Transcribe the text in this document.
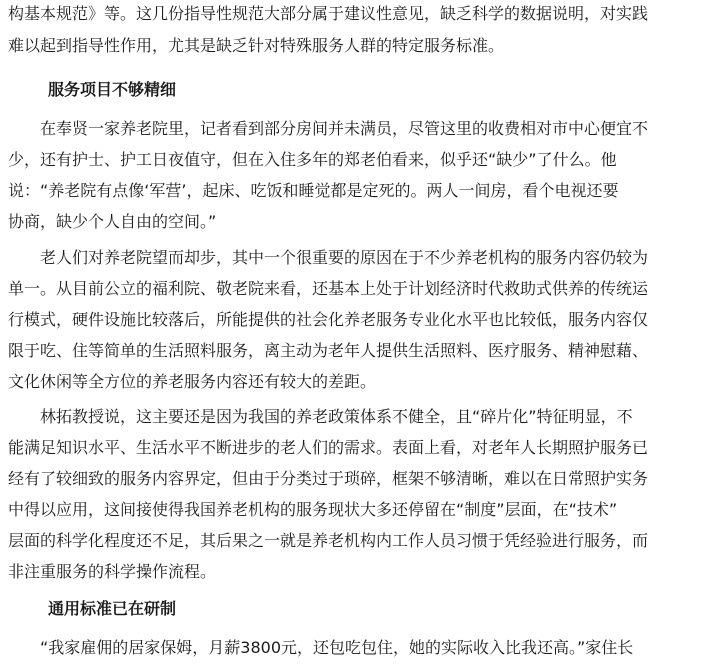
构基本规范》等。这几份指导性规范大部分属于建议性意见，缺乏科学的数据说明，对实践
难以起到指导性作用，尤其是缺乏针对特殊服务人群的特定服务标准。
服务项目不够精细
　　在奉贤一家养老院里，记者看到部分房间并未满员，尽管这里的收费相对市中心便宜不
少，还有护士、护工日夜值守，但在入住多年的郑老伯看来，似乎还“缺少”了什么。他
说：“养老院有点像‘军营’，起床、吃饭和睡觉都是定死的。两人一间房，看个电视还要
协商，缺少个人自由的空间。”
　　老人们对养老院望而却步，其中一个很重要的原因在于不少养老机构的服务内容仍较为
单一。从目前公立的福利院、敬老院来看，还基本上处于计划经济时代救助式供养的传统运
行模式，硬件设施比较落后，所能提供的社会化养老服务专业化水平也比较低，服务内容仅
限于吃、住等简单的生活照料服务，离主动为老年人提供生活照料、医疗服务、精神慰藉、
文化休闲等全方位的养老服务内容还有较大的差距。
　　林拓教授说，这主要还是因为我国的养老政策体系不健全，且“碎片化”特征明显，不
能满足知识水平、生活水平不断进步的老人们的需求。表面上看，对老年人长期照护服务已
经有了较细致的服务内容界定，但由于分类过于琐碎，框架不够清晰，难以在日常照护实务
中得以应用，这间接使得我国养老机构的服务现状大多还停留在“制度”层面，在“技术”
层面的科学化程度还不足，其后果之一就是养老机构内工作人员习惯于凭经验进行服务，而
非注重服务的科学操作流程。
通用标准已在研制
　　“我家雇佣的居家保姆，月薪3800元，还包吃包住，她的实际收入比我还高。”家住长
